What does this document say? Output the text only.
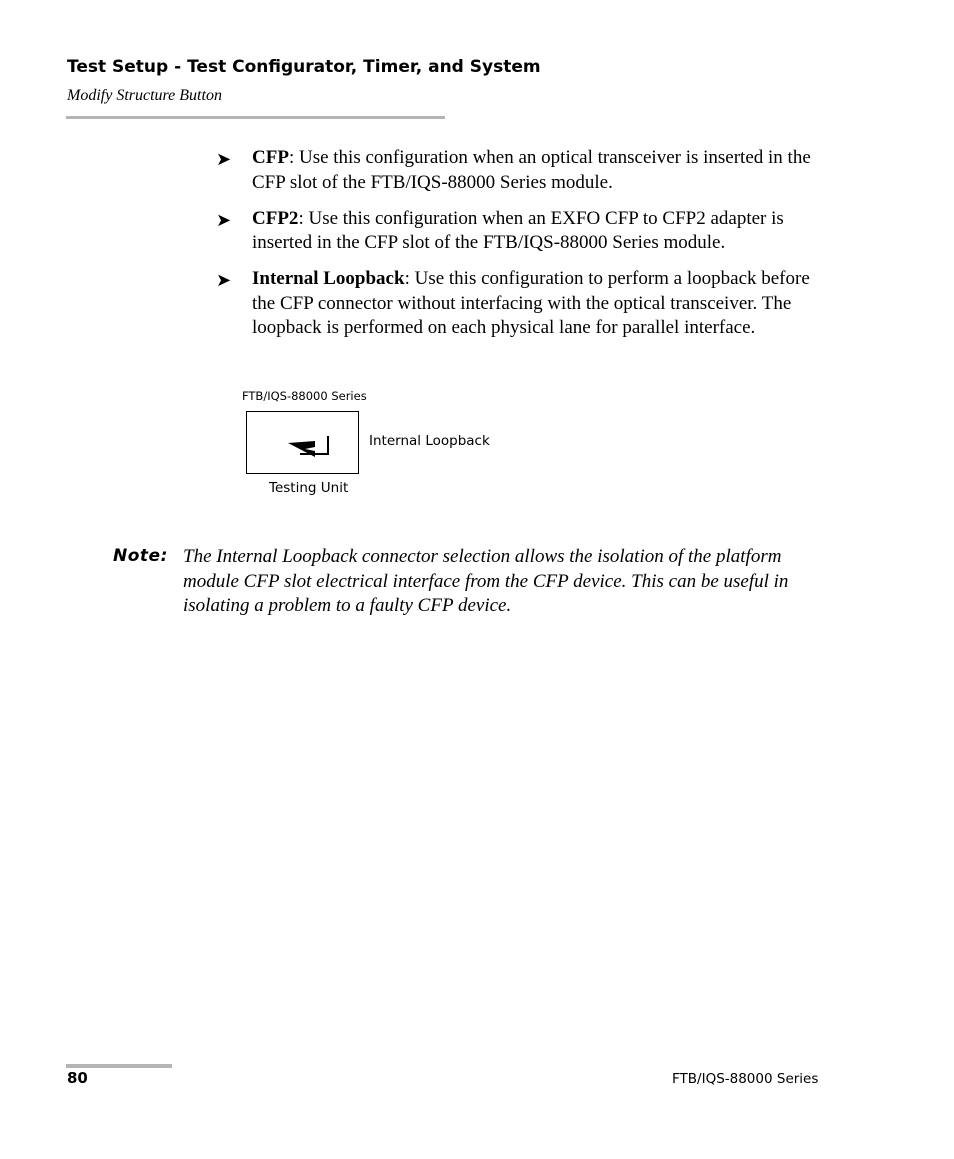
Test Setup - Test Configurator, Timer, and System
Modify Structure Button
➤ CFP: Use this configuration when an optical transceiver is inserted in the CFP slot of the FTB/IQS-88000 Series module.
➤ CFP2: Use this configuration when an EXFO CFP to CFP2 adapter is inserted in the CFP slot of the FTB/IQS-88000 Series module.
➤ Internal Loopback: Use this configuration to perform a loopback before the CFP connector without interfacing with the optical transceiver. The loopback is performed on each physical lane for parallel interface.
FTB/IQS-88000 Series
Internal Loopback
Testing Unit
Note: The Internal Loopback connector selection allows the isolation of the platform module CFP slot electrical interface from the CFP device. This can be useful in isolating a problem to a faulty CFP device.
80	FTB/IQS-88000 Series
